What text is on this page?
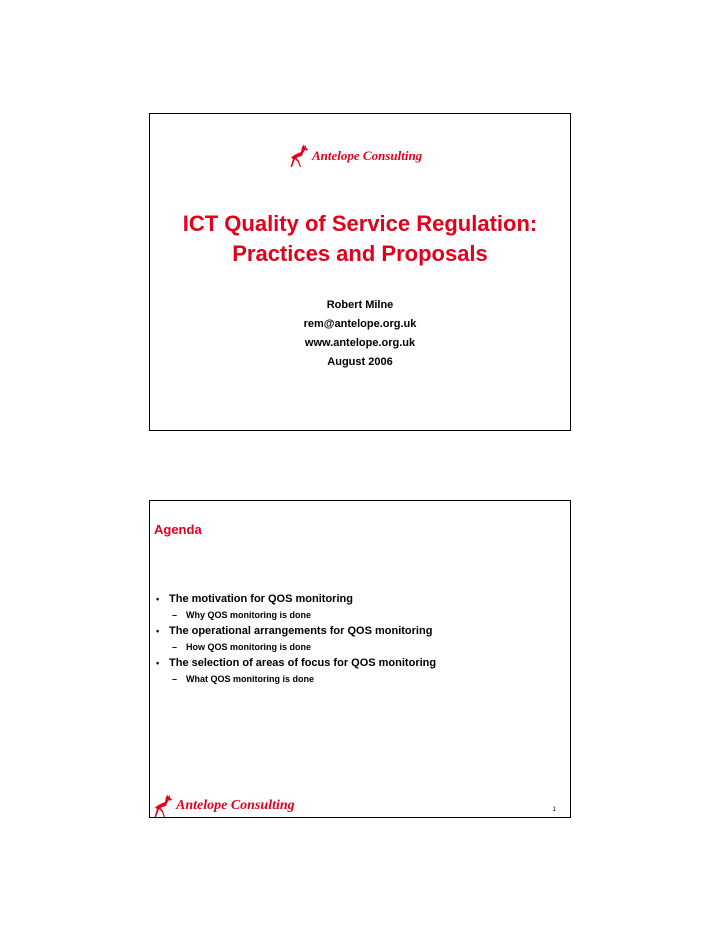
Antelope Consulting
ICT Quality of Service Regulation:
Practices and Proposals
Robert Milne
rem@antelope.org.uk
www.antelope.org.uk
August 2006
Agenda
• The motivation for QOS monitoring
– Why QOS monitoring is done
• The operational arrangements for QOS monitoring
– How QOS monitoring is done
• The selection of areas of focus for QOS monitoring
– What QOS monitoring is done
Antelope Consulting	1
